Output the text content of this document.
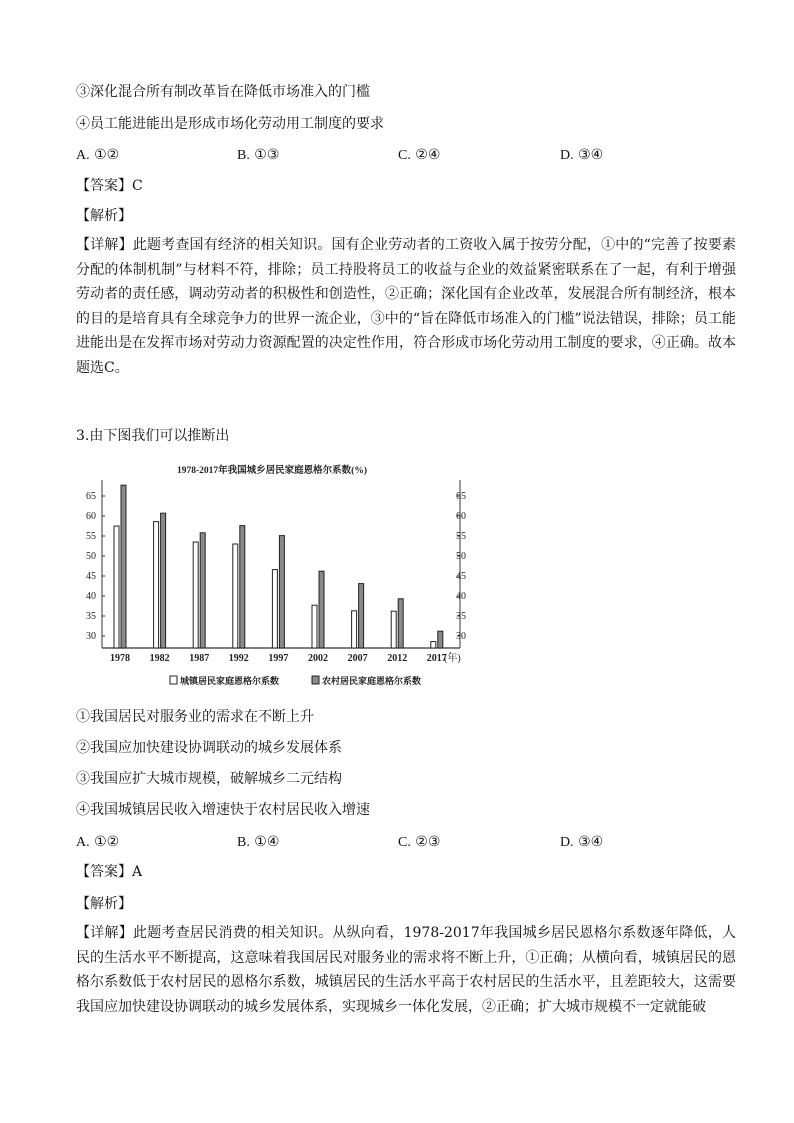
③深化混合所有制改革旨在降低市场准入的门槛
④员工能进能出是形成市场化劳动用工制度的要求
A. ①②	B. ①③	C. ②④	D. ③④
【答案】C
【解析】
【详解】此题考查国有经济的相关知识。国有企业劳动者的工资收入属于按劳分配，①中的“完善了按要素分配的体制机制”与材料不符，排除；员工持股将员工的收益与企业的效益紧密联系在了一起，有利于增强劳动者的责任感，调动劳动者的积极性和创造性，②正确；深化国有企业改革，发展混合所有制经济，根本的目的是培育具有全球竞争力的世界一流企业，③中的“旨在降低市场准入的门槛”说法错误，排除；员工能进能出是在发挥市场对劳动力资源配置的决定性作用，符合形成市场化劳动用工制度的要求，④正确。故本题选C。
3.由下图我们可以推断出
1978-2017年我国城乡居民家庭恩格尔系数(%)
30	30
35	35
40	40
45	45
50	50
55	55
60	60
65	65
1978 1982 1987 1992 1997 2002 2007 2012 2017
(年)
城镇居民家庭恩格尔系数	农村居民家庭恩格尔系数
①我国居民对服务业的需求在不断上升
②我国应加快建设协调联动的城乡发展体系
③我国应扩大城市规模，破解城乡二元结构
④我国城镇居民收入增速快于农村居民收入增速
A. ①②	B. ①④	C. ②③	D. ③④
【答案】A
【解析】
【详解】此题考查居民消费的相关知识。从纵向看，1978-2017年我国城乡居民恩格尔系数逐年降低，人民的生活水平不断提高，这意味着我国居民对服务业的需求将不断上升，①正确；从横向看，城镇居民的恩格尔系数低于农村居民的恩格尔系数，城镇居民的生活水平高于农村居民的生活水平，且差距较大，这需要我国应加快建设协调联动的城乡发展体系，实现城乡一体化发展，②正确；扩大城市规模不一定就能破
